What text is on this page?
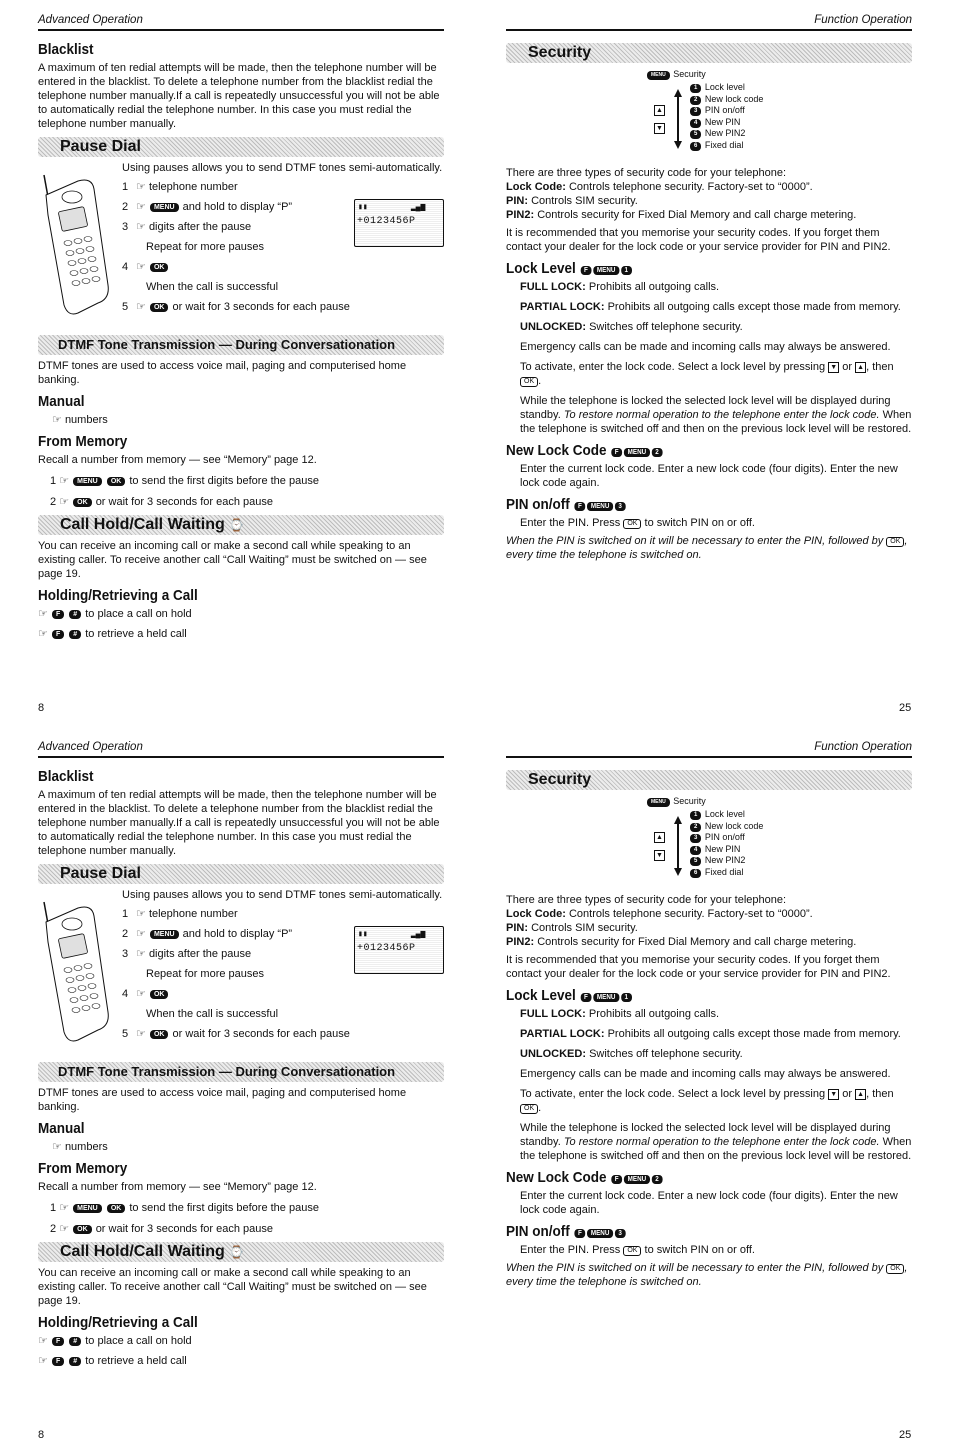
Advanced Operation
Blacklist

A maximum of ten redial attempts will be made, then the telephone number will be entered in the blacklist. To delete a telephone number from the blacklist redial the telephone number manually.If a call is repeatedly unsuccessful you will not be able to automatically redial the telephone number. In this case you must redial the telephone number manually.

Pause Dial

Using pauses allows you to send DTMF tones semi-automatically.

1 ☞ telephone number
2 ☞ MENU and hold to display “P”
3 ☞ digits after the pause
Repeat for more pauses
4 ☞ OK
When the call is successful
5 ☞ OK or wait for 3 seconds for each pause
▮▮         ▂▄▆
+0123456P
DTMF Tone Transmission — During Conversationation

DTMF tones are used to access voice mail, paging and computerised home banking.

Manual

☞ numbers

From Memory

Recall a number from memory — see “Memory” page 12.

1 ☞ MENU OK to send the first digits before the pause

2 ☞ OK or wait for 3 seconds for each pause

Call Hold/Call Waiting ⌚

You can receive an incoming call or make a second call while speaking to an existing caller. To receive another call “Call Waiting” must be switched on — see page 19.

Holding/Retrieving a Call

☞ F # to place a call on hold

☞ F # to retrieve a held call

8
Function Operation
Security
MENU Security
▲
▼
1 Lock level
2 New lock code
3 PIN on/off
4 New PIN
5 New PIN2
6 Fixed dial

There are three types of security code for your telephone:

Lock Code: Controls telephone security. Factory-set to “0000”.

PIN: Controls SIM security.

PIN2: Controls security for Fixed Dial Memory and call charge metering.

It is recommended that you memorise your security codes. If you forget them contact your dealer for the lock code or your service provider for PIN and PIN2.

Lock Level F MENU 1

FULL LOCK: Prohibits all outgoing calls.

PARTIAL LOCK: Prohibits all outgoing calls except those made from memory.

UNLOCKED: Switches off telephone security.

Emergency calls can be made and incoming calls may always be answered.

To activate, enter the lock code. Select a lock level by pressing ▼ or ▲ , then OK .

While the telephone is locked the selected lock level will be displayed during standby. To restore normal operation to the telephone enter the lock code. When the telephone is switched off and then on the previous lock level will be restored.

New Lock Code F MENU 2

Enter the current lock code. Enter a new lock code (four digits). Enter the new lock code again.

PIN on/off F MENU 3

Enter the PIN. Press OK to switch PIN on or off.

When the PIN is switched on it will be necessary to enter the PIN, followed by OK , every time the telephone is switched on.

25
Advanced Operation
Blacklist

A maximum of ten redial attempts will be made, then the telephone number will be entered in the blacklist. To delete a telephone number from the blacklist redial the telephone number manually.If a call is repeatedly unsuccessful you will not be able to automatically redial the telephone number. In this case you must redial the telephone number manually.

Pause Dial

Using pauses allows you to send DTMF tones semi-automatically.

1 ☞ telephone number
2 ☞ MENU and hold to display “P”
3 ☞ digits after the pause
Repeat for more pauses
4 ☞ OK
When the call is successful
5 ☞ OK or wait for 3 seconds for each pause
▮▮         ▂▄▆
+0123456P
DTMF Tone Transmission — During Conversationation

DTMF tones are used to access voice mail, paging and computerised home banking.

Manual

☞ numbers

From Memory

Recall a number from memory — see “Memory” page 12.

1 ☞ MENU OK to send the first digits before the pause

2 ☞ OK or wait for 3 seconds for each pause

Call Hold/Call Waiting ⌚

You can receive an incoming call or make a second call while speaking to an existing caller. To receive another call “Call Waiting” must be switched on — see page 19.

Holding/Retrieving a Call

☞ F # to place a call on hold

☞ F # to retrieve a held call

8
Function Operation
Security
MENU Security
▲
▼
1 Lock level
2 New lock code
3 PIN on/off
4 New PIN
5 New PIN2
6 Fixed dial

There are three types of security code for your telephone:

Lock Code: Controls telephone security. Factory-set to “0000”.

PIN: Controls SIM security.

PIN2: Controls security for Fixed Dial Memory and call charge metering.

It is recommended that you memorise your security codes. If you forget them contact your dealer for the lock code or your service provider for PIN and PIN2.

Lock Level F MENU 1

FULL LOCK: Prohibits all outgoing calls.

PARTIAL LOCK: Prohibits all outgoing calls except those made from memory.

UNLOCKED: Switches off telephone security.

Emergency calls can be made and incoming calls may always be answered.

To activate, enter the lock code. Select a lock level by pressing ▼ or ▲ , then OK .

While the telephone is locked the selected lock level will be displayed during standby. To restore normal operation to the telephone enter the lock code. When the telephone is switched off and then on the previous lock level will be restored.

New Lock Code F MENU 2

Enter the current lock code. Enter a new lock code (four digits). Enter the new lock code again.

PIN on/off F MENU 3

Enter the PIN. Press OK to switch PIN on or off.

When the PIN is switched on it will be necessary to enter the PIN, followed by OK , every time the telephone is switched on.

25
